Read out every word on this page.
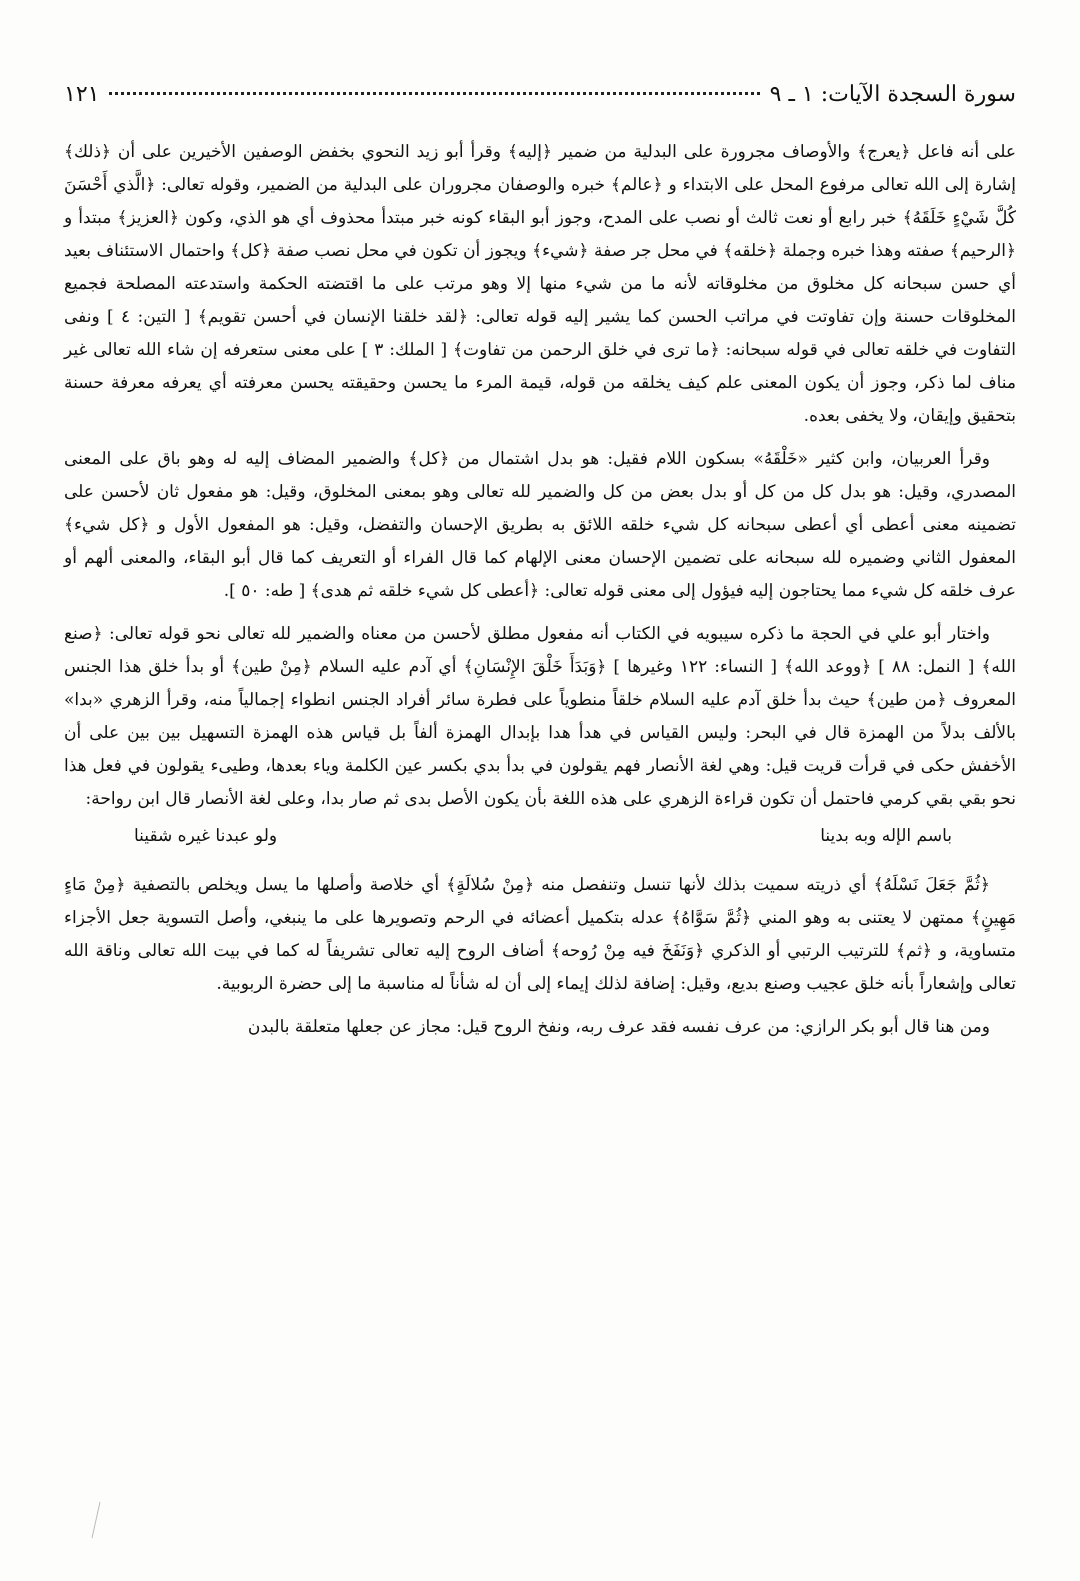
سورة السجدة الآيات: ١ ـ ٩
١٢١

على أنه فاعل ﴿يعرج﴾ والأوصاف مجرورة على البدلية من ضمير ﴿إليه﴾ وقرأ أبو زيد النحوي بخفض الوصفين الأخيرين على أن ﴿ذلك﴾ إشارة إلى الله تعالى مرفوع المحل على الابتداء و ﴿عالم﴾ خبره والوصفان مجروران على البدلية من الضمير، وقوله تعالى: ﴿الَّذي أَحْسَنَ كُلَّ شَيْءٍ خَلَقَهُ﴾ خبر رابع أو نعت ثالث أو نصب على المدح، وجوز أبو البقاء كونه خبر مبتدأ محذوف أي هو الذي، وكون ﴿العزيز﴾ مبتدأ و ﴿الرحيم﴾ صفته وهذا خبره وجملة ﴿خلقه﴾ في محل جر صفة ﴿شيء﴾ ويجوز أن تكون في محل نصب صفة ﴿كل﴾ واحتمال الاستئناف بعيد أي حسن سبحانه كل مخلوق من مخلوقاته لأنه ما من شيء منها إلا وهو مرتب على ما اقتضته الحكمة واستدعته المصلحة فجميع المخلوقات حسنة وإن تفاوتت في مراتب الحسن كما يشير إليه قوله تعالى: ﴿لقد خلقنا الإنسان في أحسن تقويم﴾ [ التين: ٤ ] ونفى التفاوت في خلقه تعالى في قوله سبحانه: ﴿ما ترى في خلق الرحمن من تفاوت﴾ [ الملك: ٣ ] على معنى ستعرفه إن شاء الله تعالى غير مناف لما ذكر، وجوز أن يكون المعنى علم كيف يخلقه من قوله، قيمة المرء ما يحسن وحقيقته يحسن معرفته أي يعرفه معرفة حسنة بتحقيق وإيقان، ولا يخفى بعده.

وقرأ العربيان، وابن كثير «خَلْقَهُ» بسكون اللام فقيل: هو بدل اشتمال من ﴿كل﴾ والضمير المضاف إليه له وهو باق على المعنى المصدري، وقيل: هو بدل كل من كل أو بدل بعض من كل والضمير لله تعالى وهو بمعنى المخلوق، وقيل: هو مفعول ثان لأحسن على تضمينه معنى أعطى أي أعطى سبحانه كل شيء خلقه اللائق به بطريق الإحسان والتفضل، وقيل: هو المفعول الأول و ﴿كل شيء﴾ المعفول الثاني وضميره لله سبحانه على تضمين الإحسان معنى الإلهام كما قال الفراء أو التعريف كما قال أبو البقاء، والمعنى ألهم أو عرف خلقه كل شيء مما يحتاجون إليه فيؤول إلى معنى قوله تعالى: ﴿أعطى كل شيء خلقه ثم هدى﴾ [ طه: ٥٠ ].

واختار أبو علي في الحجة ما ذكره سيبويه في الكتاب أنه مفعول مطلق لأحسن من معناه والضمير لله تعالى نحو قوله تعالى: ﴿صنع الله﴾ [ النمل: ٨٨ ] ﴿ووعد الله﴾ [ النساء: ١٢٢ وغيرها ] ﴿وَبَدَأَ خَلْقَ الإِنْسَانِ﴾ أي آدم عليه السلام ﴿مِنْ طين﴾ أو بدأ خلق هذا الجنس المعروف ﴿من طين﴾ حيث بدأ خلق آدم عليه السلام خلقاً منطوياً على فطرة سائر أفراد الجنس انطواء إجمالياً منه، وقرأ الزهري «بدا» بالألف بدلاً من الهمزة قال في البحر: وليس القياس في هدأ هدا بإبدال الهمزة ألفاً بل قياس هذه الهمزة التسهيل بين بين على أن الأخفش حكى في قرأت قريت قيل: وهي لغة الأنصار فهم يقولون في بدأ بدي بكسر عين الكلمة وياء بعدها، وطيىء يقولون في فعل هذا نحو بقي بقي كرمي فاحتمل أن تكون قراءة الزهري على هذه اللغة بأن يكون الأصل بدى ثم صار بدا، وعلى لغة الأنصار قال ابن رواحة:

باسم الإله وبه بدينا
ولو عبدنا غيره شقينا

﴿ثُمَّ جَعَلَ نَسْلَهُ﴾ أي ذريته سميت بذلك لأنها تنسل وتنفصل منه ﴿مِنْ سُلالَةٍ﴾ أي خلاصة وأصلها ما يسل ويخلص بالتصفية ﴿مِنْ مَاءٍ مَهِينٍ﴾ ممتهن لا يعتنى به وهو المني ﴿ثُمَّ سَوَّاهُ﴾ عدله بتكميل أعضائه في الرحم وتصويرها على ما ينبغي، وأصل التسوية جعل الأجزاء متساوية، و ﴿ثم﴾ للترتيب الرتبي أو الذكري ﴿وَنَفَخَ فيه مِنْ رُوحه﴾ أضاف الروح إليه تعالى تشريفاً له كما في بيت الله تعالى وناقة الله تعالى وإشعاراً بأنه خلق عجيب وصنع بديع، وقيل: إضافة لذلك إيماء إلى أن له شأناً له مناسبة ما إلى حضرة الربوبية.

ومن هنا قال أبو بكر الرازي: من عرف نفسه فقد عرف ربه، ونفخ الروح قيل: مجاز عن جعلها متعلقة بالبدن
